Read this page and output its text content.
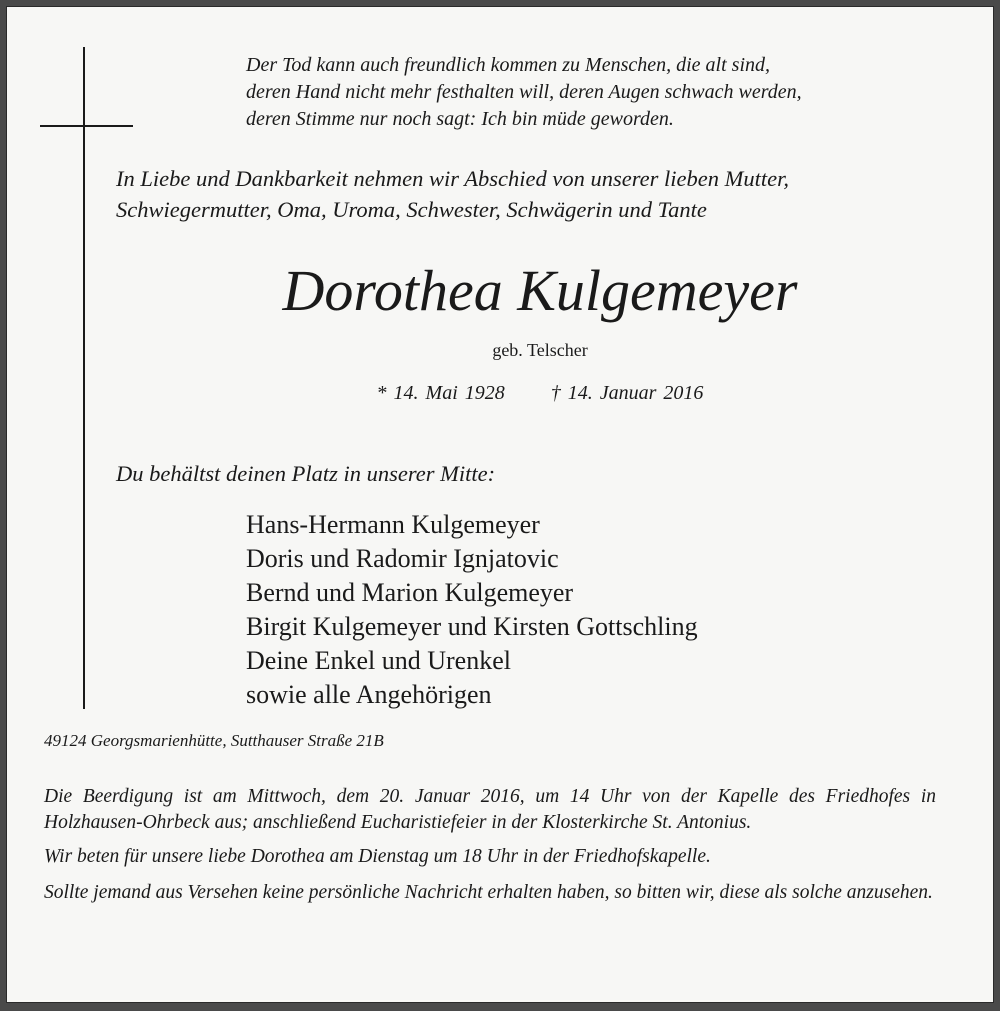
Der Tod kann auch freundlich kommen zu Menschen, die alt sind,
deren Hand nicht mehr festhalten will, deren Augen schwach werden,
deren Stimme nur noch sagt: Ich bin müde geworden.
In Liebe und Dankbarkeit nehmen wir Abschied von unserer lieben Mutter,
Schwiegermutter, Oma, Uroma, Schwester, Schwägerin und Tante
Dorothea Kulgemeyer
geb. Telscher
* 14. Mai 1928 † 14. Januar 2016
Du behältst deinen Platz in unserer Mitte:
Hans-Hermann Kulgemeyer
Doris und Radomir Ignjatovic
Bernd und Marion Kulgemeyer
Birgit Kulgemeyer und Kirsten Gottschling
Deine Enkel und Urenkel
sowie alle Angehörigen
49124 Georgsmarienhütte, Sutthauser Straße 21B

Die Beerdigung ist am Mittwoch, dem 20. Januar 2016, um 14 Uhr von der Kapelle des Friedhofes in Holzhausen-Ohrbeck aus; anschließend Eucharistiefeier in der Klosterkirche St. Antonius.

Wir beten für unsere liebe Dorothea am Dienstag um 18 Uhr in der Friedhofskapelle.

Sollte jemand aus Versehen keine persönliche Nachricht erhalten haben, so bitten wir, diese als solche anzusehen.
